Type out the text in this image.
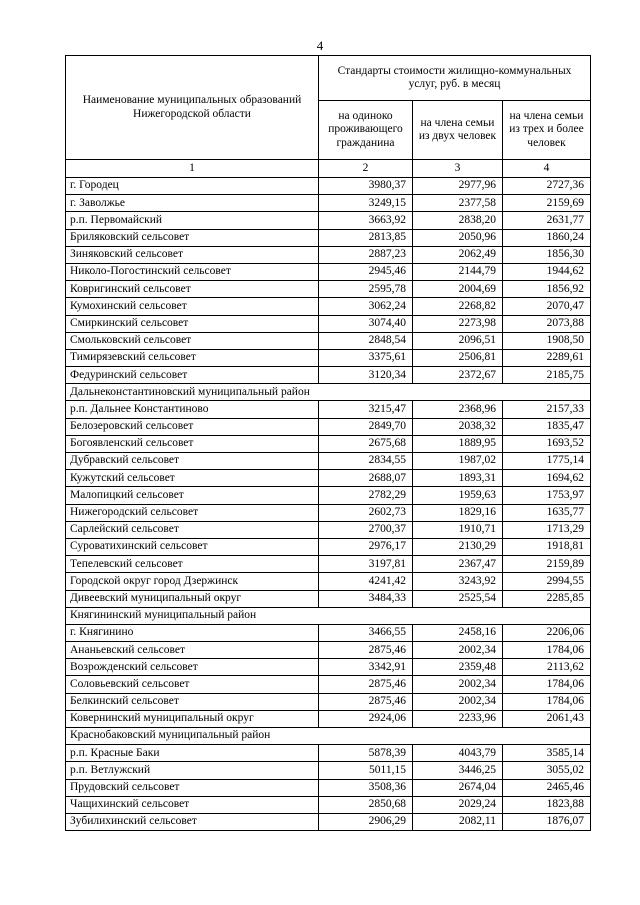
4
Наименование муниципальных образований Нижегородской области	Стандарты стоимости жилищно-коммунальных услуг, руб. в месяц		
	на одиноко проживающего гражданина	на члена семьи из двух человек	на члена семьи из трех и более человек
1	2	3	4
г. Городец	3980,37	2977,96	2727,36
г. Заволжье	3249,15	2377,58	2159,69
р.п. Первомайский	3663,92	2838,20	2631,77
Бриляковский сельсовет	2813,85	2050,96	1860,24
Зиняковский сельсовет	2887,23	2062,49	1856,30
Николо-Погостинский сельсовет	2945,46	2144,79	1944,62
Ковригинский сельсовет	2595,78	2004,69	1856,92
Кумохинский сельсовет	3062,24	2268,82	2070,47
Смиркинский сельсовет	3074,40	2273,98	2073,88
Смольковский сельсовет	2848,54	2096,51	1908,50
Тимирязевский сельсовет	3375,61	2506,81	2289,61
Федуринский сельсовет	3120,34	2372,67	2185,75
Дальнеконстантиновский муниципальный район			
р.п. Дальнее Константиново	3215,47	2368,96	2157,33
Белозеровский сельсовет	2849,70	2038,32	1835,47
Богоявленский сельсовет	2675,68	1889,95	1693,52
Дубравский сельсовет	2834,55	1987,02	1775,14
Кужутский сельсовет	2688,07	1893,31	1694,62
Малопицкий сельсовет	2782,29	1959,63	1753,97
Нижегородский сельсовет	2602,73	1829,16	1635,77
Сарлейский сельсовет	2700,37	1910,71	1713,29
Суроватихинский сельсовет	2976,17	2130,29	1918,81
Тепелевский сельсовет	3197,81	2367,47	2159,89
Городской округ город Дзержинск	4241,42	3243,92	2994,55
Дивеевский муниципальный округ	3484,33	2525,54	2285,85
Княгининский муниципальный район			
г. Княгинино	3466,55	2458,16	2206,06
Ананьевский сельсовет	2875,46	2002,34	1784,06
Возрожденский сельсовет	3342,91	2359,48	2113,62
Соловьевский сельсовет	2875,46	2002,34	1784,06
Белкинский сельсовет	2875,46	2002,34	1784,06
Ковернинский муниципальный округ	2924,06	2233,96	2061,43
Краснобаковский муниципальный район			
р.п. Красные Баки	5878,39	4043,79	3585,14
р.п. Ветлужский	5011,15	3446,25	3055,02
Прудовский сельсовет	3508,36	2674,04	2465,46
Чащихинский сельсовет	2850,68	2029,24	1823,88
Зубилихинский сельсовет	2906,29	2082,11	1876,07
